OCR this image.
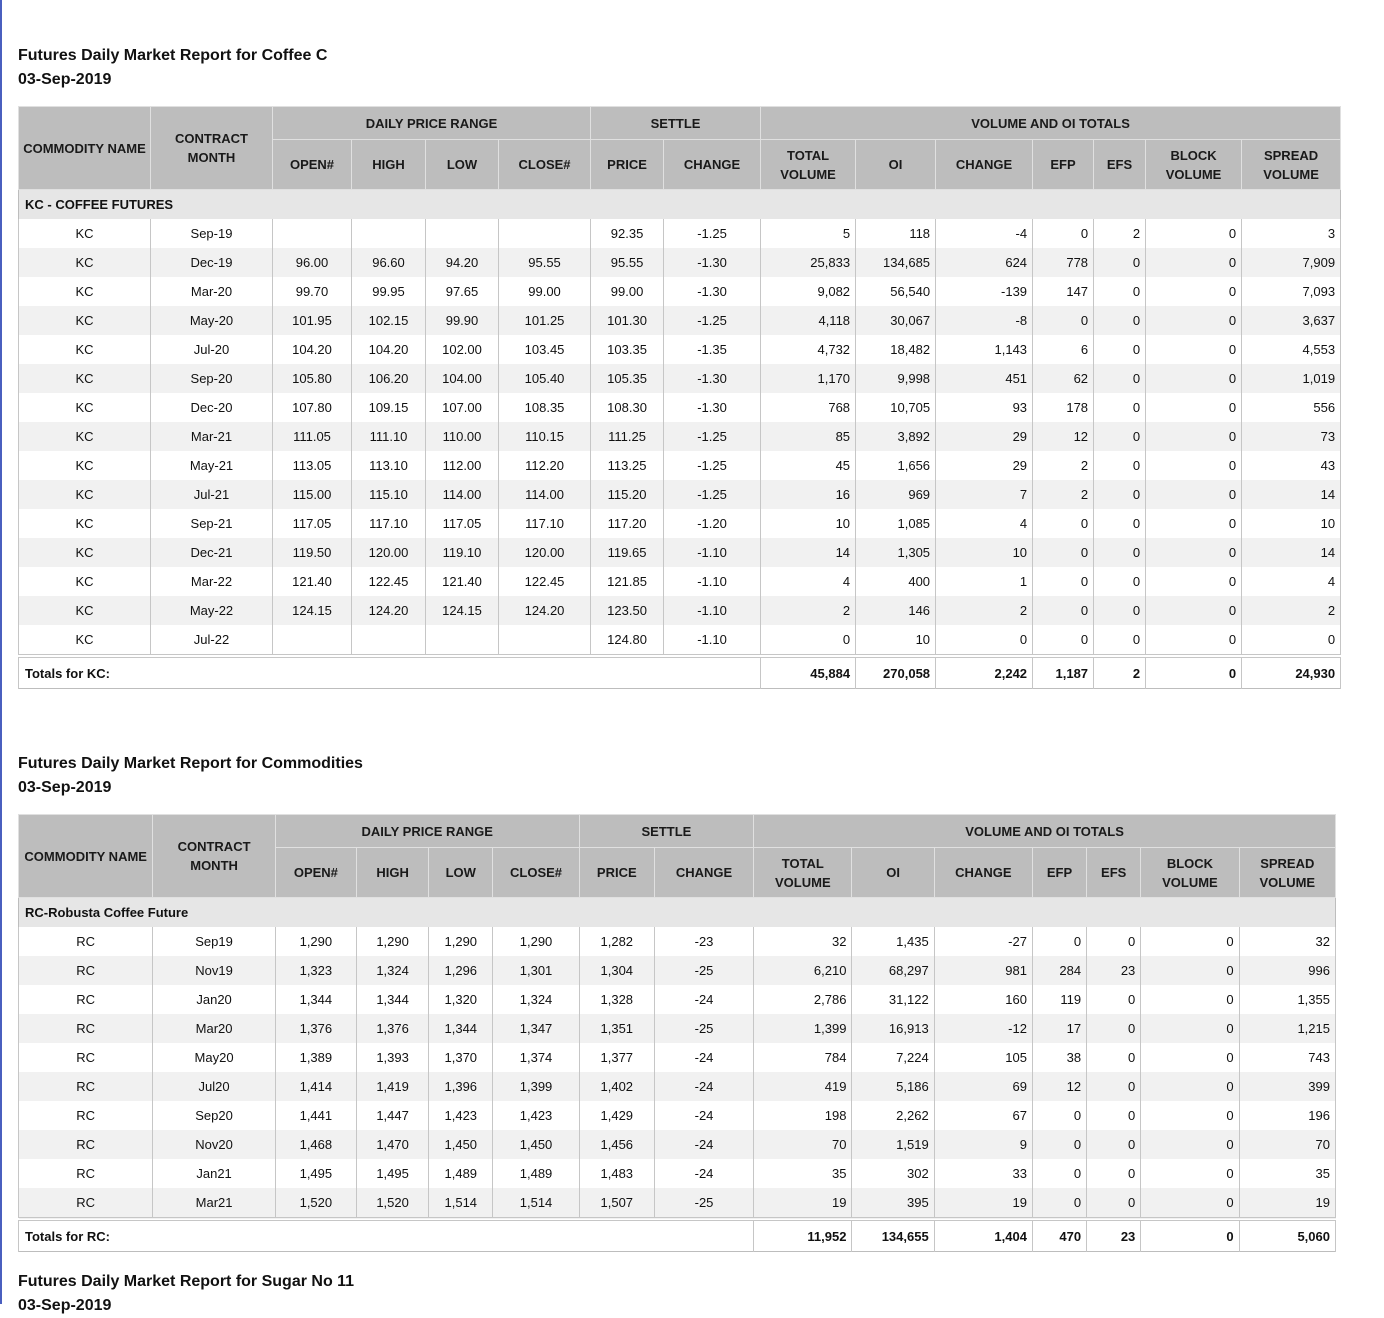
Futures Daily Market Report for Coffee C
03-Sep-2019
COMMODITY NAME	CONTRACT MONTH	DAILY PRICE RANGE				SETTLE		VOLUME AND OI TOTALS						
		OPEN#	HIGH	LOW	CLOSE#	PRICE	CHANGE	TOTAL VOLUME	OI	CHANGE	EFP	EFS	BLOCK VOLUME	SPREAD VOLUME
KC - COFFEE FUTURES														
KC	Sep-19					92.35	-1.25	5	118	-4	0	2	0	3
KC	Dec-19	96.00	96.60	94.20	95.55	95.55	-1.30	25,833	134,685	624	778	0	0	7,909
KC	Mar-20	99.70	99.95	97.65	99.00	99.00	-1.30	9,082	56,540	-139	147	0	0	7,093
KC	May-20	101.95	102.15	99.90	101.25	101.30	-1.25	4,118	30,067	-8	0	0	0	3,637
KC	Jul-20	104.20	104.20	102.00	103.45	103.35	-1.35	4,732	18,482	1,143	6	0	0	4,553
KC	Sep-20	105.80	106.20	104.00	105.40	105.35	-1.30	1,170	9,998	451	62	0	0	1,019
KC	Dec-20	107.80	109.15	107.00	108.35	108.30	-1.30	768	10,705	93	178	0	0	556
KC	Mar-21	111.05	111.10	110.00	110.15	111.25	-1.25	85	3,892	29	12	0	0	73
KC	May-21	113.05	113.10	112.00	112.20	113.25	-1.25	45	1,656	29	2	0	0	43
KC	Jul-21	115.00	115.10	114.00	114.00	115.20	-1.25	16	969	7	2	0	0	14
KC	Sep-21	117.05	117.10	117.05	117.10	117.20	-1.20	10	1,085	4	0	0	0	10
KC	Dec-21	119.50	120.00	119.10	120.00	119.65	-1.10	14	1,305	10	0	0	0	14
KC	Mar-22	121.40	122.45	121.40	122.45	121.85	-1.10	4	400	1	0	0	0	4
KC	May-22	124.15	124.20	124.15	124.20	123.50	-1.10	2	146	2	0	0	0	2
KC	Jul-22					124.80	-1.10	0	10	0	0	0	0	0
Totals for KC:								45,884	270,058	2,242	1,187	2	0	24,930
Futures Daily Market Report for Commodities
03-Sep-2019
COMMODITY NAME	CONTRACT MONTH	DAILY PRICE RANGE				SETTLE		VOLUME AND OI TOTALS						
		OPEN#	HIGH	LOW	CLOSE#	PRICE	CHANGE	TOTAL VOLUME	OI	CHANGE	EFP	EFS	BLOCK VOLUME	SPREAD VOLUME
RC-Robusta Coffee Future														
RC	Sep19	1,290	1,290	1,290	1,290	1,282	-23	32	1,435	-27	0	0	0	32
RC	Nov19	1,323	1,324	1,296	1,301	1,304	-25	6,210	68,297	981	284	23	0	996
RC	Jan20	1,344	1,344	1,320	1,324	1,328	-24	2,786	31,122	160	119	0	0	1,355
RC	Mar20	1,376	1,376	1,344	1,347	1,351	-25	1,399	16,913	-12	17	0	0	1,215
RC	May20	1,389	1,393	1,370	1,374	1,377	-24	784	7,224	105	38	0	0	743
RC	Jul20	1,414	1,419	1,396	1,399	1,402	-24	419	5,186	69	12	0	0	399
RC	Sep20	1,441	1,447	1,423	1,423	1,429	-24	198	2,262	67	0	0	0	196
RC	Nov20	1,468	1,470	1,450	1,450	1,456	-24	70	1,519	9	0	0	0	70
RC	Jan21	1,495	1,495	1,489	1,489	1,483	-24	35	302	33	0	0	0	35
RC	Mar21	1,520	1,520	1,514	1,514	1,507	-25	19	395	19	0	0	0	19
Totals for RC:								11,952	134,655	1,404	470	23	0	5,060
Futures Daily Market Report for Sugar No 11
03-Sep-2019
